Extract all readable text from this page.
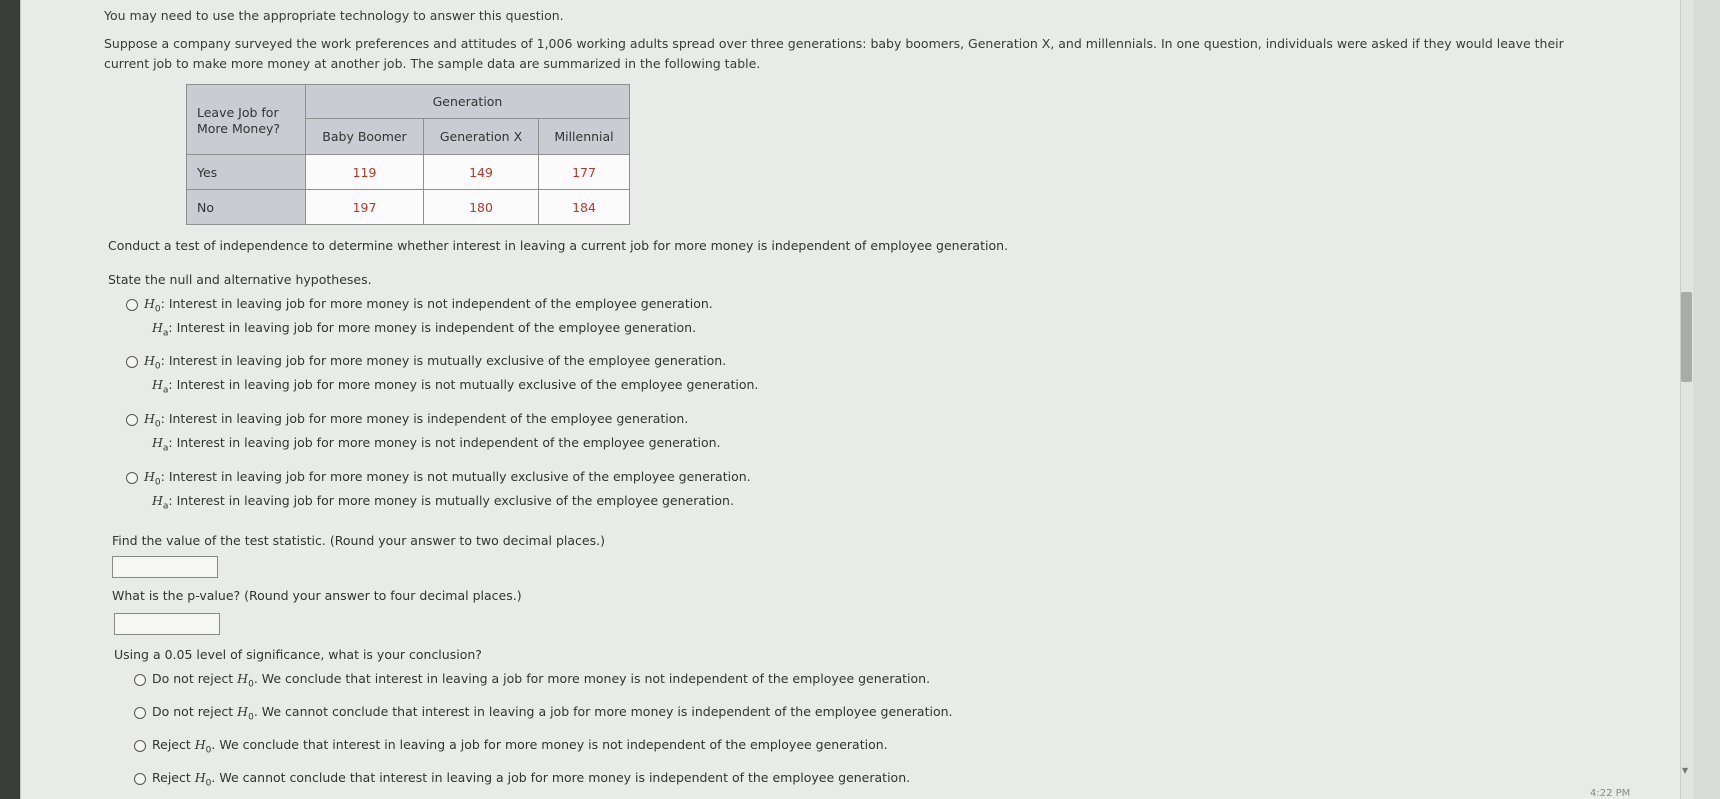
▼
You may need to use the appropriate technology to answer this question.
Suppose a company surveyed the work preferences and attitudes of 1,006 working adults spread over three generations: baby boomers, Generation X, and millennials. In one question, individuals were asked if they would leave their
current job to make more money at another job. The sample data are summarized in the following table.
Leave Job for
More Money?	Generation		
	Baby Boomer	Generation X	Millennial
Yes	119	149	177
No	197	180	184
Conduct a test of independence to determine whether interest in leaving a current job for more money is independent of employee generation.
State the null and alternative hypotheses.
$H_0$: Interest in leaving job for more money is not independent of the employee generation.
$H_a$: Interest in leaving job for more money is independent of the employee generation.
$H_0$: Interest in leaving job for more money is mutually exclusive of the employee generation.
$H_a$: Interest in leaving job for more money is not mutually exclusive of the employee generation.
$H_0$: Interest in leaving job for more money is independent of the employee generation.
$H_a$: Interest in leaving job for more money is not independent of the employee generation.
$H_0$: Interest in leaving job for more money is not mutually exclusive of the employee generation.
$H_a$: Interest in leaving job for more money is mutually exclusive of the employee generation.
Find the value of the test statistic. (Round your answer to two decimal places.)
What is the p-value? (Round your answer to four decimal places.)
Using a 0.05 level of significance, what is your conclusion?
Do not reject $H_0$. We conclude that interest in leaving a job for more money is not independent of the employee generation.
Do not reject $H_0$. We cannot conclude that interest in leaving a job for more money is independent of the employee generation.
Reject $H_0$. We conclude that interest in leaving a job for more money is not independent of the employee generation.
Reject $H_0$. We cannot conclude that interest in leaving a job for more money is independent of the employee generation.
4:22 PM
